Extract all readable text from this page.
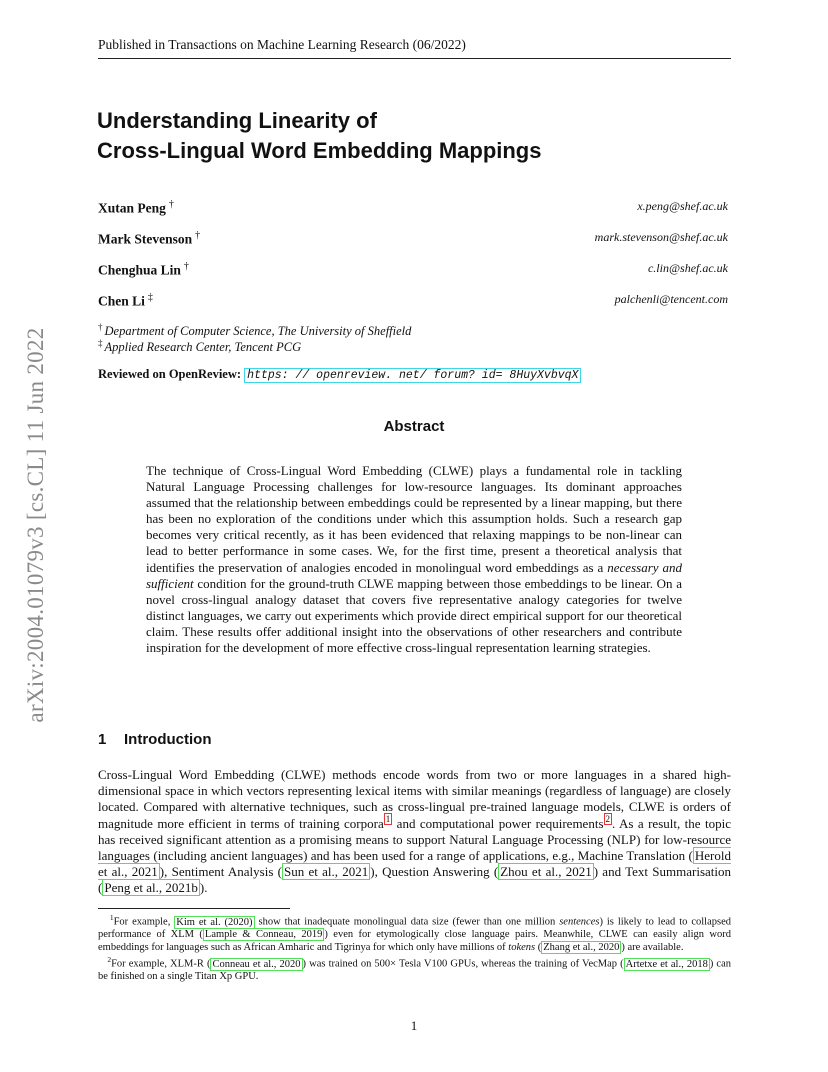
Published in Transactions on Machine Learning Research (06/2022)
Understanding Linearity of
Cross-Lingual Word Embedding Mappings
Xutan Peng †	x.peng@shef.ac.uk
Mark Stevenson †	mark.stevenson@shef.ac.uk
Chenghua Lin †	c.lin@shef.ac.uk
Chen Li ‡	palchenli@tencent.com
† Department of Computer Science, The University of Sheffield
‡ Applied Research Center, Tencent PCG
Reviewed on OpenReview: https: // openreview. net/ forum? id= 8HuyXvbvqX
Abstract
The technique of Cross-Lingual Word Embedding (CLWE) plays a fundamental role in tackling Natural Language Processing challenges for low-resource languages. Its dominant approaches assumed that the relationship between embeddings could be represented by a linear mapping, but there has been no exploration of the conditions under which this assumption holds. Such a research gap becomes very critical recently, as it has been evidenced that relaxing mappings to be non-linear can lead to better performance in some cases. We, for the first time, present a theoretical analysis that identifies the preservation of analogies encoded in monolingual word embeddings as a necessary and sufficient condition for the ground-truth CLWE mapping between those embeddings to be linear. On a novel cross-lingual analogy dataset that covers five representative analogy categories for twelve distinct languages, we carry out experiments which provide direct empirical support for our theoretical claim. These results offer additional insight into the observations of other researchers and contribute inspiration for the development of more effective cross-lingual representation learning strategies.
1 Introduction
Cross-Lingual Word Embedding (CLWE) methods encode words from two or more languages in a shared high-dimensional space in which vectors representing lexical items with similar meanings (regardless of language) are closely located. Compared with alternative techniques, such as cross-lingual pre-trained language models, CLWE is orders of magnitude more efficient in terms of training corpora $^1$ and computational power requirements $^2$ . As a result, the topic has received significant attention as a promising means to support Natural Language Processing (NLP) for low-resource languages (including ancient languages) and has been used for a range of applications, e.g., Machine Translation ( Herold et al., 2021 ), Sentiment Analysis ( Sun et al., 2021 ), Question Answering ( Zhou et al., 2021 ) and Text Summarisation ( Peng et al., 2021b ).
$^1$For example, Kim et al. (2020) show that inadequate monolingual data size (fewer than one million sentences) is likely to lead to collapsed performance of XLM ( Lample & Conneau, 2019 ) even for etymologically close language pairs. Meanwhile, CLWE can easily align word embeddings for languages such as African Amharic and Tigrinya for which only have millions of tokens ( Zhang et al., 2020 ) are available.
$^2$For example, XLM-R ( Conneau et al., 2020 ) was trained on 500× Tesla V100 GPUs, whereas the training of VecMap ( Artetxe et al., 2018 ) can be finished on a single Titan Xp GPU.
1
arXiv:2004.01079v3 [cs.CL] 11 Jun 2022
